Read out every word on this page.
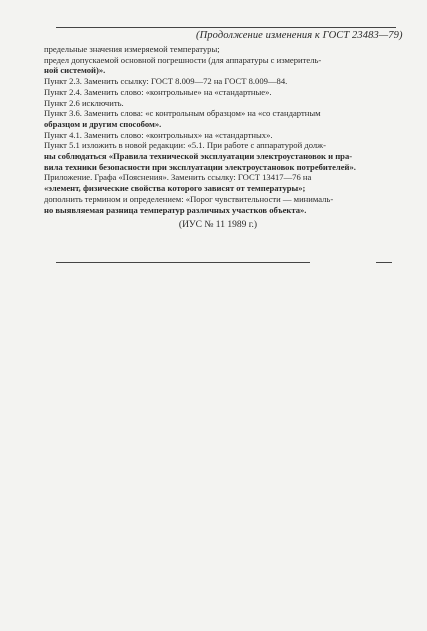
(Продолжение изменения к ГОСТ 23483—79)
предельные значения измеряемой температуры;
предел допускаемой основной погрешности (для аппаратуры с измеритель-
ной системой)».
Пункт 2.3. Заменить ссылку: ГОСТ 8.009—72 на ГОСТ 8.009—84.
Пункт 2.4. Заменить слово: «контрольные» на «стандартные».
Пункт 2.6 исключить.
Пункт 3.6. Заменить слова: «с контрольным образцом» на «со стандартным
образцом и другим способом».
Пункт 4.1. Заменить слово: «контрольных» на «стандартных».
Пункт 5.1 изложить в новой редакции: «5.1. При работе с аппаратурой долж-
ны соблюдаться «Правила технической эксплуатации электроустановок и пра-
вила техники безопасности при эксплуатации электроустановок потребителей».
Приложение. Графа «Пояснения». Заменить ссылку: ГОСТ 13417—76 на
«элемент, физические свойства которого зависят от температуры»;
дополнить термином и определением: «Порог чувствительности — минималь-
но выявляемая разница температур различных участков объекта».
(ИУС № 11 1989 г.)
